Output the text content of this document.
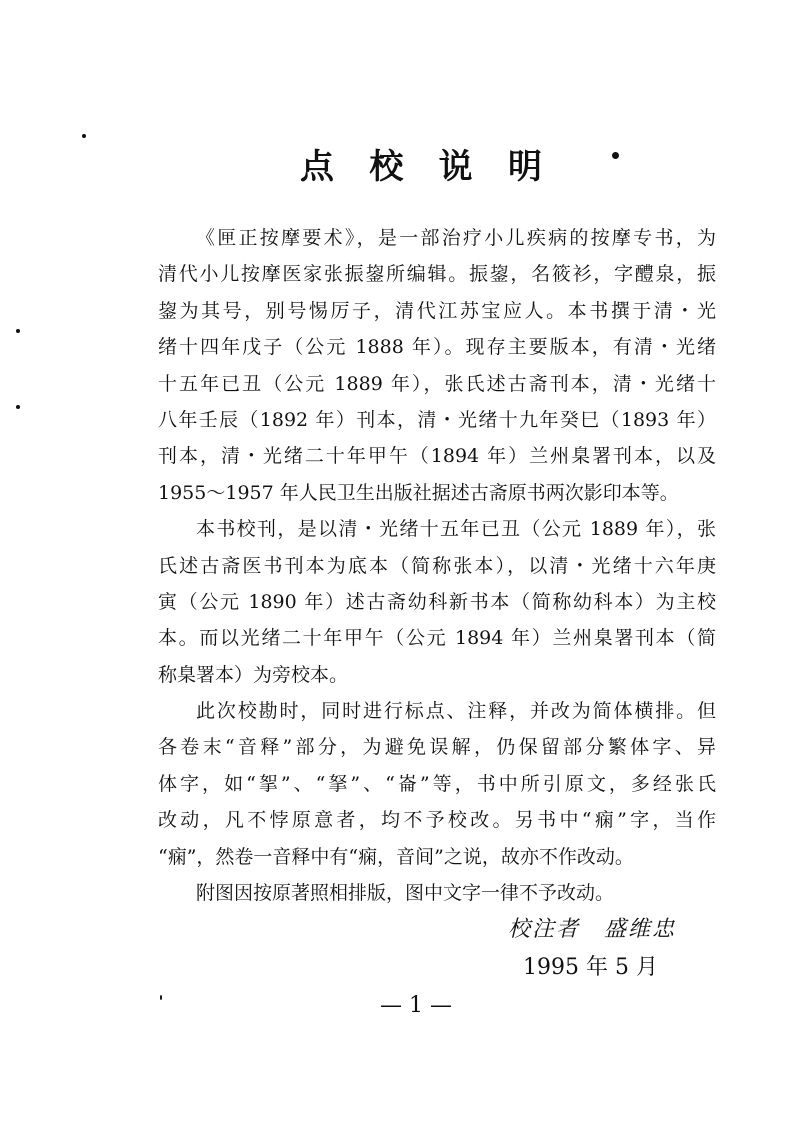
点 校 说 明
《匣正按摩要术》，是一部治疗小儿疾病的按摩专书，为
清代小儿按摩医家张振鋆所编辑。振鋆，名筱衫，字醴泉，振
鋆为其号，别号惕厉子，清代江苏宝应人。本书撰于清・光
绪十四年戊子（公元 1888 年）。现存主要版本，有清・光绪
十五年已丑（公元 1889 年），张氏述古斋刊本，清・光绪十
八年壬辰（1892 年）刊本，清・光绪十九年癸巳（1893 年）
刊本，清・光绪二十年甲午（1894 年）兰州臬署刊本，以及
1955～1957 年人民卫生出版社据述古斋原书两次影印本等。
本书校刊，是以清・光绪十五年已丑（公元 1889 年），张
氏述古斋医书刊本为底本（简称张本），以清・光绪十六年庚
寅（公元 1890 年）述古斋幼科新书本（简称幼科本）为主校
本。而以光绪二十年甲午（公元 1894 年）兰州臬署刊本（简
称臬署本）为旁校本。
此次校勘时，同时进行标点、注释，并改为简体横排。但
各卷末“音释”部分，为避免误解，仍保留部分繁体字、异
体字，如“挐”、“拏”、“崙”等，书中所引原文，多经张氏
改动，凡不悖原意者，均不予校改。另书中“痫”字，当作
“痫”，然卷一音释中有“痫，音间”之说，故亦不作改动。
附图因按原著照相排版，图中文字一律不予改动。
校注者 盛维忠
1995 年 5 月
— 1 —
